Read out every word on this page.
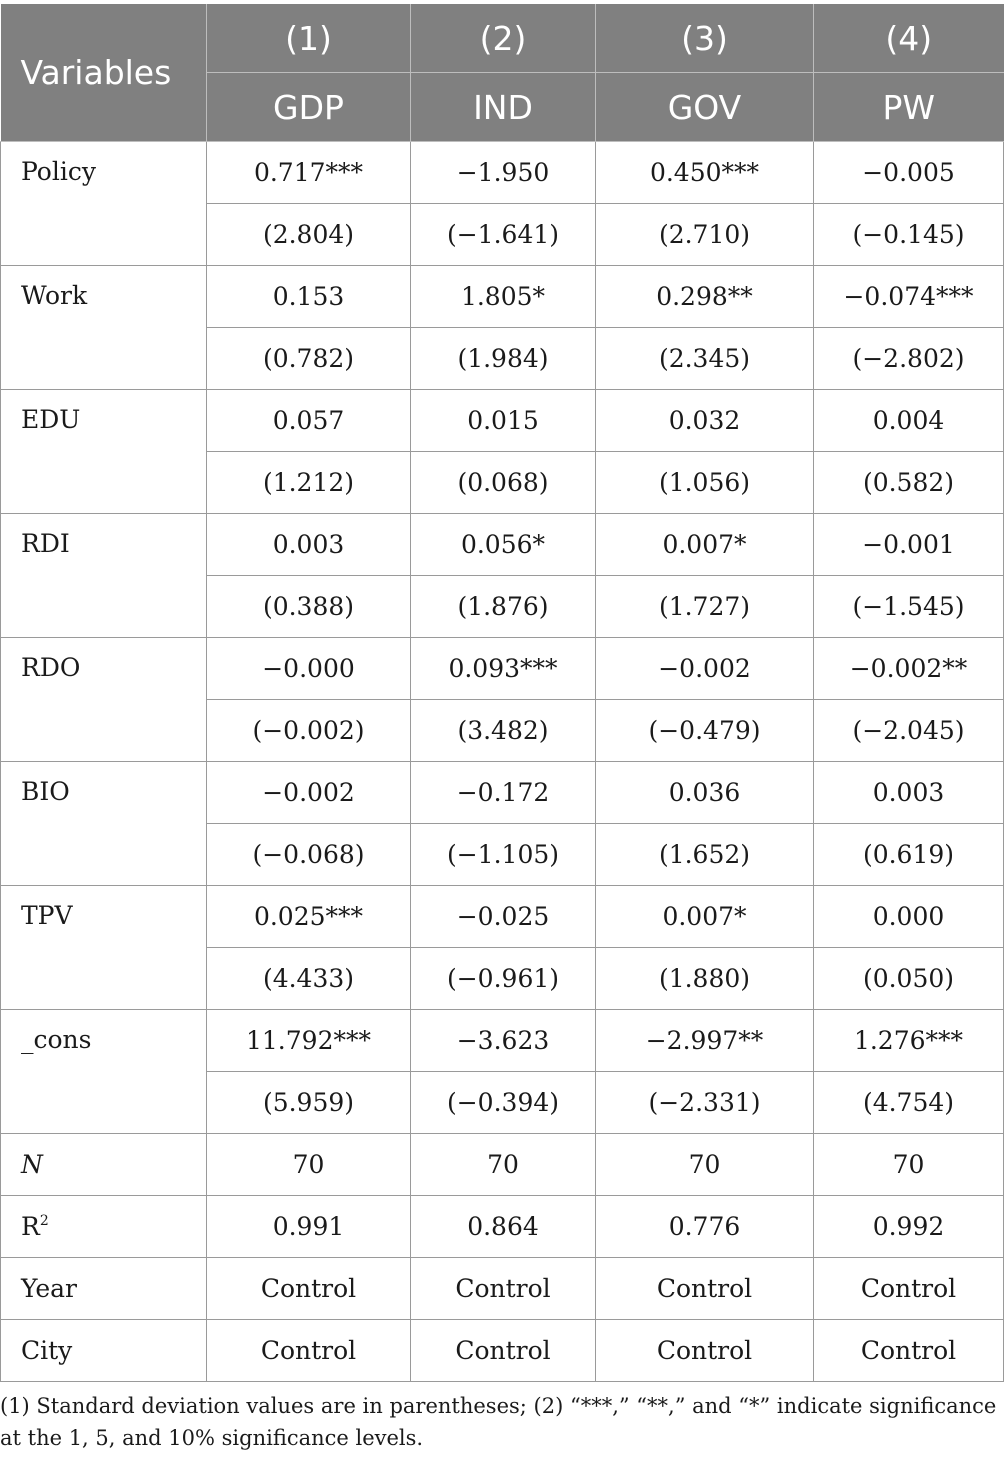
Variables	(1)	(2)	(3)	(4)
	GDP	IND	GOV	PW
Policy	0.717***	−1.950	0.450***	−0.005
	(2.804)	(−1.641)	(2.710)	(−0.145)
Work	0.153	1.805*	0.298**	−0.074***
	(0.782)	(1.984)	(2.345)	(−2.802)
EDU	0.057	0.015	0.032	0.004
	(1.212)	(0.068)	(1.056)	(0.582)
RDI	0.003	0.056*	0.007*	−0.001
	(0.388)	(1.876)	(1.727)	(−1.545)
RDO	−0.000	0.093***	−0.002	−0.002**
	(−0.002)	(3.482)	(−0.479)	(−2.045)
BIO	−0.002	−0.172	0.036	0.003
	(−0.068)	(−1.105)	(1.652)	(0.619)
TPV	0.025***	−0.025	0.007*	0.000
	(4.433)	(−0.961)	(1.880)	(0.050)
_cons	11.792***	−3.623	−2.997**	1.276***
	(5.959)	(−0.394)	(−2.331)	(4.754)
N	70	70	70	70
$R^2$	0.991	0.864	0.776	0.992
Year	Control	Control	Control	Control
City	Control	Control	Control	Control
(1) Standard deviation values are in parentheses; (2) “***,” “**,” and “*” indicate significance
at the 1, 5, and 10% significance levels.
